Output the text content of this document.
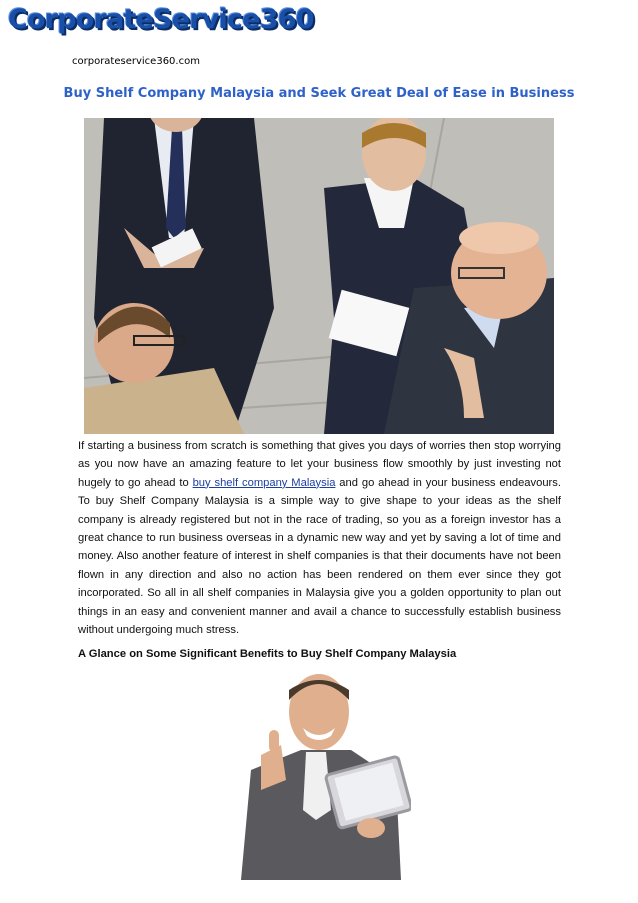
CorporateService360
corporateservice360.com
Buy Shelf Company Malaysia and Seek Great Deal of Ease in Business

If starting a business from scratch is something that gives you days of worries then stop worrying as you now have an amazing feature to let your business flow smoothly by just investing not hugely to go ahead to buy shelf company Malaysia and go ahead in your business endeavours. To buy Shelf Company Malaysia is a simple way to give shape to your ideas as the shelf company is already registered but not in the race of trading, so you as a foreign investor has a great chance to run business overseas in a dynamic new way and yet by saving a lot of time and money. Also another feature of interest in shelf companies is that their documents have not been flown in any direction and also no action has been rendered on them ever since they got incorporated. So all in all shelf companies in Malaysia give you a golden opportunity to plan out things in an easy and convenient manner and avail a chance to successfully establish business without undergoing much stress.

A Glance on Some Significant Benefits to Buy Shelf Company Malaysia
